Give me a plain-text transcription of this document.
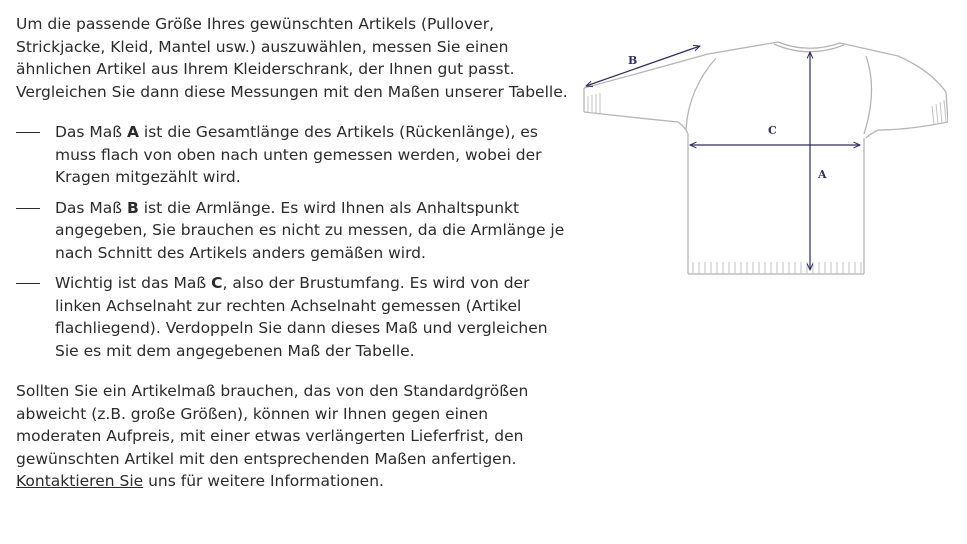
Um die passende Größe Ihres gewünschten Artikels (Pullover, Strickjacke, Kleid, Mantel usw.) auszuwählen, messen Sie einen ähnlichen Artikel aus Ihrem Kleiderschrank, der Ihnen gut passt. Vergleichen Sie dann diese Messungen mit den Maßen unserer Tabelle.

Das Maß A ist die Gesamtlänge des Artikels (Rückenlänge), es muss flach von oben nach unten gemessen werden, wobei der Kragen mitgezählt wird.
Das Maß B ist die Armlänge. Es wird Ihnen als Anhaltspunkt angegeben, Sie brauchen es nicht zu messen, da die Armlänge je nach Schnitt des Artikels anders gemäßen wird.
Wichtig ist das Maß C, also der Brustumfang. Es wird von der linken Achselnaht zur rechten Achselnaht gemessen (Artikel flachliegend). Verdoppeln Sie dann dieses Maß und vergleichen Sie es mit dem angegebenen Maß der Tabelle.

Sollten Sie ein Artikelmaß brauchen, das von den Standardgrößen abweicht (z.B. große Größen), können wir Ihnen gegen einen moderaten Aufpreis, mit einer etwas verlängerten Lieferfrist, den gewünschten Artikel mit den entsprechenden Maßen anfertigen. Kontaktieren Sie uns für weitere Informationen.

B
C
A
